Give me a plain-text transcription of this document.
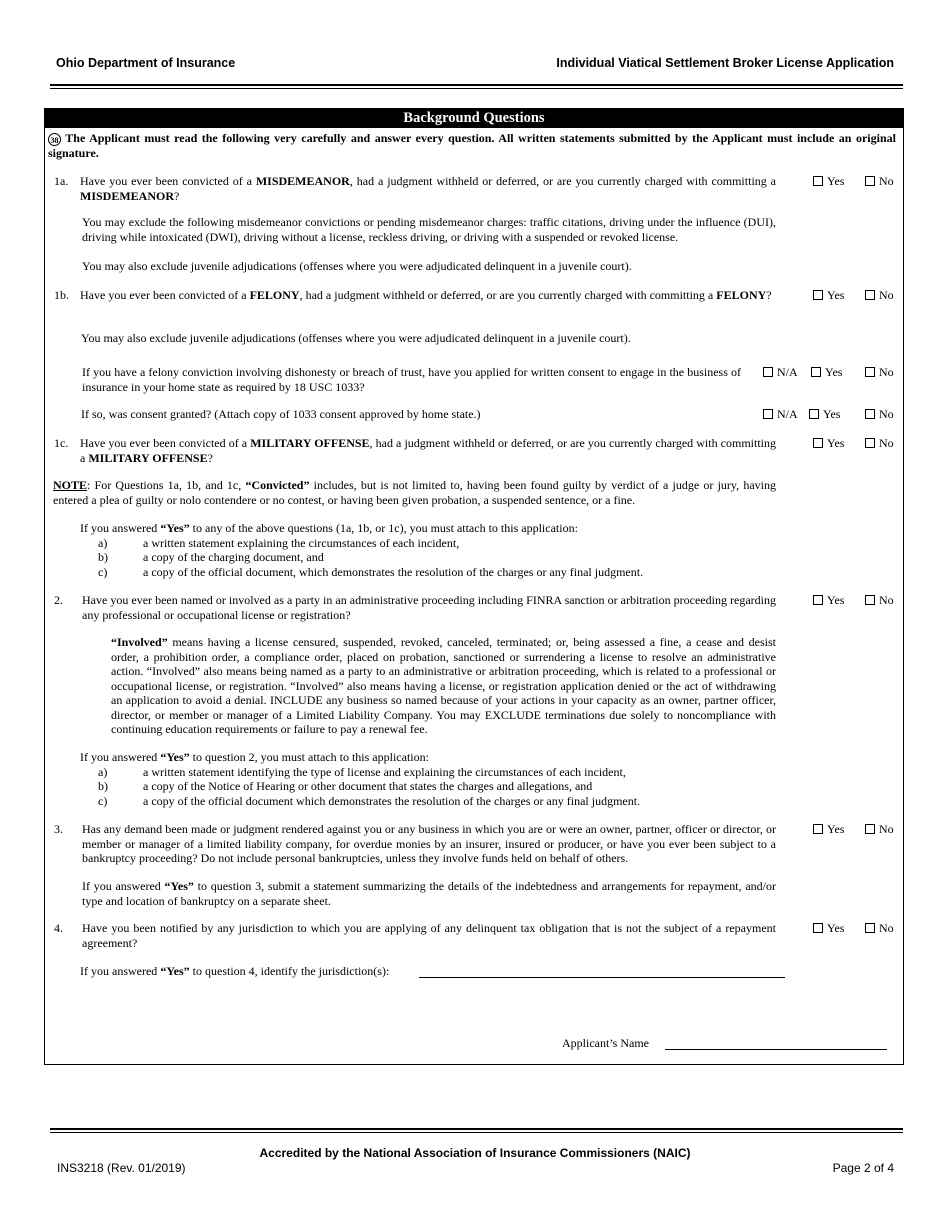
Ohio Department of Insurance	Individual Viatical Settlement Broker License Application
Background Questions
38 The Applicant must read the following very carefully and answer every question. All written statements submitted by the Applicant must include an original signature.
1a. Have you ever been convicted of a MISDEMEANOR, had a judgment withheld or deferred, or are you currently charged with committing a MISDEMEANOR?
Yes	No
You may exclude the following misdemeanor convictions or pending misdemeanor charges: traffic citations, driving under the influence (DUI), driving while intoxicated (DWI), driving without a license, reckless driving, or driving with a suspended or revoked license.
You may also exclude juvenile adjudications (offenses where you were adjudicated delinquent in a juvenile court).
1b. Have you ever been convicted of a FELONY, had a judgment withheld or deferred, or are you currently charged with committing a FELONY?	Yes	No
You may also exclude juvenile adjudications (offenses where you were adjudicated delinquent in a juvenile court).
If you have a felony conviction involving dishonesty or breach of trust, have you applied for written consent to engage in the business of insurance in your home state as required by 18 USC 1033?
N/A Yes	No
If so, was consent granted? (Attach copy of 1033 consent approved by home state.)	N/A Yes	No
1c. Have you ever been convicted of a MILITARY OFFENSE, had a judgment withheld or deferred, or are you currently charged with committing a MILITARY OFFENSE?
Yes	No
NOTE: For Questions 1a, 1b, and 1c, “Convicted” includes, but is not limited to, having been found guilty by verdict of a judge or jury, having entered a plea of guilty or nolo contendere or no contest, or having been given probation, a suspended sentence, or a fine.
If you answered “Yes” to any of the above questions (1a, 1b, or 1c), you must attach to this application:
a)	a written statement explaining the circumstances of each incident,
b)	a copy of the charging document, and
c)	a copy of the official document, which demonstrates the resolution of the charges or any final judgment.
2. Have you ever been named or involved as a party in an administrative proceeding including FINRA sanction or arbitration proceeding regarding any professional or occupational license or registration?
Yes	No
“Involved” means having a license censured, suspended, revoked, canceled, terminated; or, being assessed a fine, a cease and desist order, a prohibition order, a compliance order, placed on probation, sanctioned or surrendering a license to resolve an administrative action. “Involved” also means being named as a party to an administrative or arbitration proceeding, which is related to a professional or occupational license, or registration. “Involved” also means having a license, or registration application denied or the act of withdrawing an application to avoid a denial. INCLUDE any business so named because of your actions in your capacity as an owner, partner officer, director, or member or manager of a Limited Liability Company. You may EXCLUDE terminations due solely to noncompliance with continuing education requirements or failure to pay a renewal fee.
If you answered “Yes” to question 2, you must attach to this application:
a)	a written statement identifying the type of license and explaining the circumstances of each incident,
b)	a copy of the Notice of Hearing or other document that states the charges and allegations, and
c)	a copy of the official document which demonstrates the resolution of the charges or any final judgment.
3. Has any demand been made or judgment rendered against you or any business in which you are or were an owner, partner, officer or director, or member or manager of a limited liability company, for overdue monies by an insurer, insured or producer, or have you ever been subject to a bankruptcy proceeding? Do not include personal bankruptcies, unless they involve funds held on behalf of others.
Yes	No
If you answered “Yes” to question 3, submit a statement summarizing the details of the indebtedness and arrangements for repayment, and/or type and location of bankruptcy on a separate sheet.
4. Have you been notified by any jurisdiction to which you are applying of any delinquent tax obligation that is not the subject of a repayment agreement?
Yes	No
If you answered “Yes” to question 4, identify the jurisdiction(s):
Applicant’s Name
Accredited by the National Association of Insurance Commissioners (NAIC)
INS3218 (Rev. 01/2019)	Page 2 of 4
